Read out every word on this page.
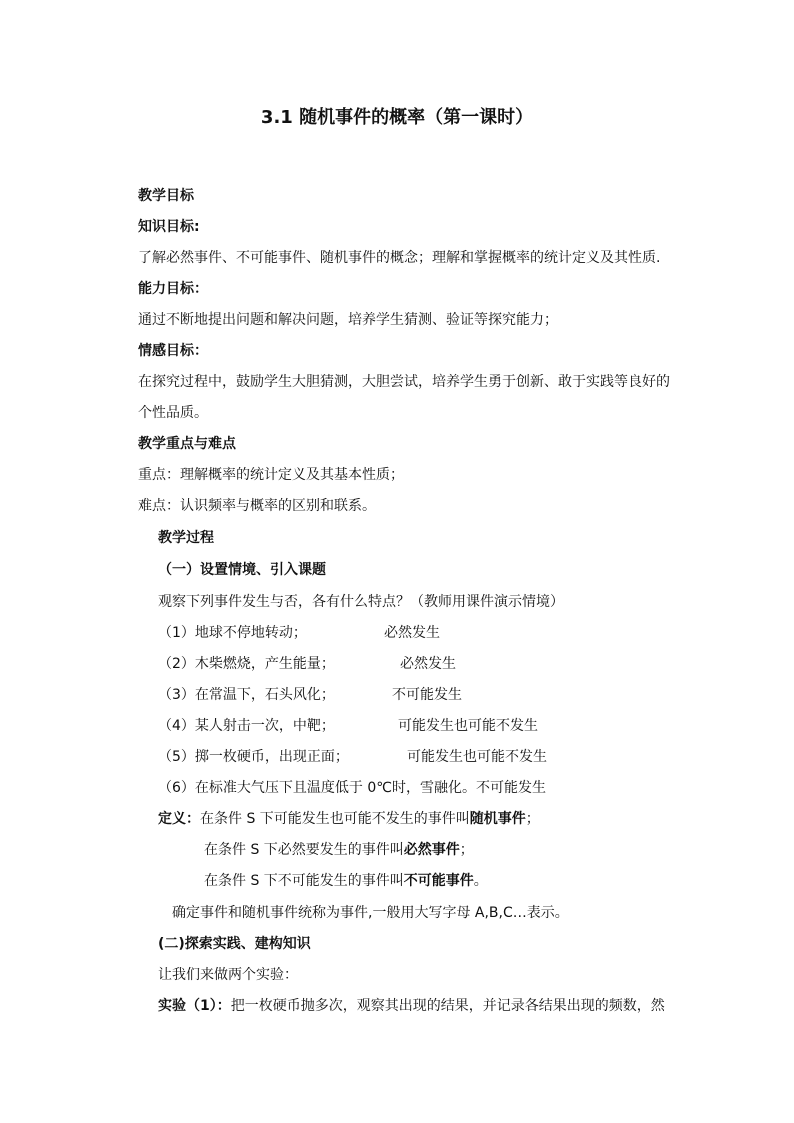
3.1 随机事件的概率（第一课时）
教学目标
知识目标:
了解必然事件、不可能事件、随机事件的概念；理解和掌握概率的统计定义及其性质.
能力目标：
通过不断地提出问题和解决问题，培养学生猜测、验证等探究能力；
情感目标：
在探究过程中，鼓励学生大胆猜测，大胆尝试，培养学生勇于创新、敢于实践等良好的
个性品质。
教学重点与难点
重点：理解概率的统计定义及其基本性质；
难点：认识频率与概率的区别和联系。
教学过程
（一）设置情境、引入课题
观察下列事件发生与否，各有什么特点？（教师用课件演示情境）
（1）地球不停地转动；	必然发生
（2）木柴燃烧，产生能量；	必然发生
（3）在常温下，石头风化；	不可能发生
（4）某人射击一次，中靶；	可能发生也可能不发生
（5）掷一枚硬币，出现正面；	可能发生也可能不发生
（6）在标准大气压下且温度低于 0℃时，雪融化。 不可能发生
定义：在条件 S 下可能发生也可能不发生的事件叫随机事件；
在条件 S 下必然要发生的事件叫必然事件；
在条件 S 下不可能发生的事件叫不可能事件。
确定事件和随机事件统称为事件,一般用大写字母 A,B,C…表示。
(二)探索实践、建构知识
让我们来做两个实验：
实验（1）：把一枚硬币抛多次，观察其出现的结果，并记录各结果出现的频数，然
